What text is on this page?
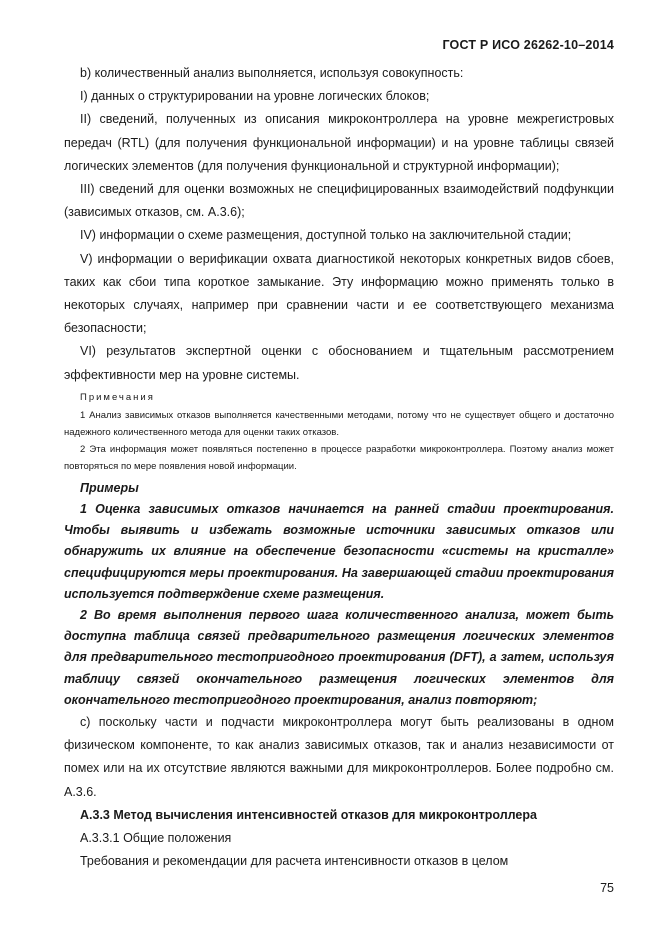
ГОСТ Р ИСО 26262-10–2014

b) количественный анализ выполняется, используя совокупность:

I) данных о структурировании на уровне логических блоков;

II) сведений, полученных из описания микроконтроллера на уровне межрегистровых передач (RTL) (для получения функциональной информации) и на уровне таблицы связей логических элементов (для получения функциональной и структурной информации);

III) сведений для оценки возможных не специфицированных взаимодействий подфункции (зависимых отказов, см. А.3.6);

IV) информации о схеме размещения, доступной только на заключительной стадии;

V) информации о верификации охвата диагностикой некоторых конкретных видов сбоев, таких как сбои типа короткое замыкание. Эту информацию можно применять только в некоторых случаях, например при сравнении части и ее соответствующего механизма безопасности;

VI) результатов экспертной оценки с обоснованием и тщательным рассмотрением эффективности мер на уровне системы.

Примечания

1 Анализ зависимых отказов выполняется качественными методами, потому что не существует общего и достаточно надежного количественного метода для оценки таких отказов.

2 Эта информация может появляться постепенно в процессе разработки микроконтроллера. Поэтому анализ может повторяться по мере появления новой информации.

Примеры

1 Оценка зависимых отказов начинается на ранней стадии проектирования. Чтобы выявить и избежать возможные источники зависимых отказов или обнаружить их влияние на обеспечение безопасности «системы на кристалле» специфицируются меры проектирования. На завершающей стадии проектирования используется подтверждение схеме размещения.

2 Во время выполнения первого шага количественного анализа, может быть доступна таблица связей предварительного размещения логических элементов для предварительного тестопригодного проектирования (DFT), а затем, используя таблицу связей окончательного размещения логических элементов для окончательного тестопригодного проектирования, анализ повторяют;

с) поскольку части и подчасти микроконтроллера могут быть реализованы в одном физическом компоненте, то как анализ зависимых отказов, так и анализ независимости от помех или на их отсутствие являются важными для микроконтроллеров. Более подробно см. А.3.6.

А.3.3 Метод вычисления интенсивностей отказов для микроконтроллера

А.3.3.1 Общие положения

Требования и рекомендации для расчета интенсивности отказов в целом

75
